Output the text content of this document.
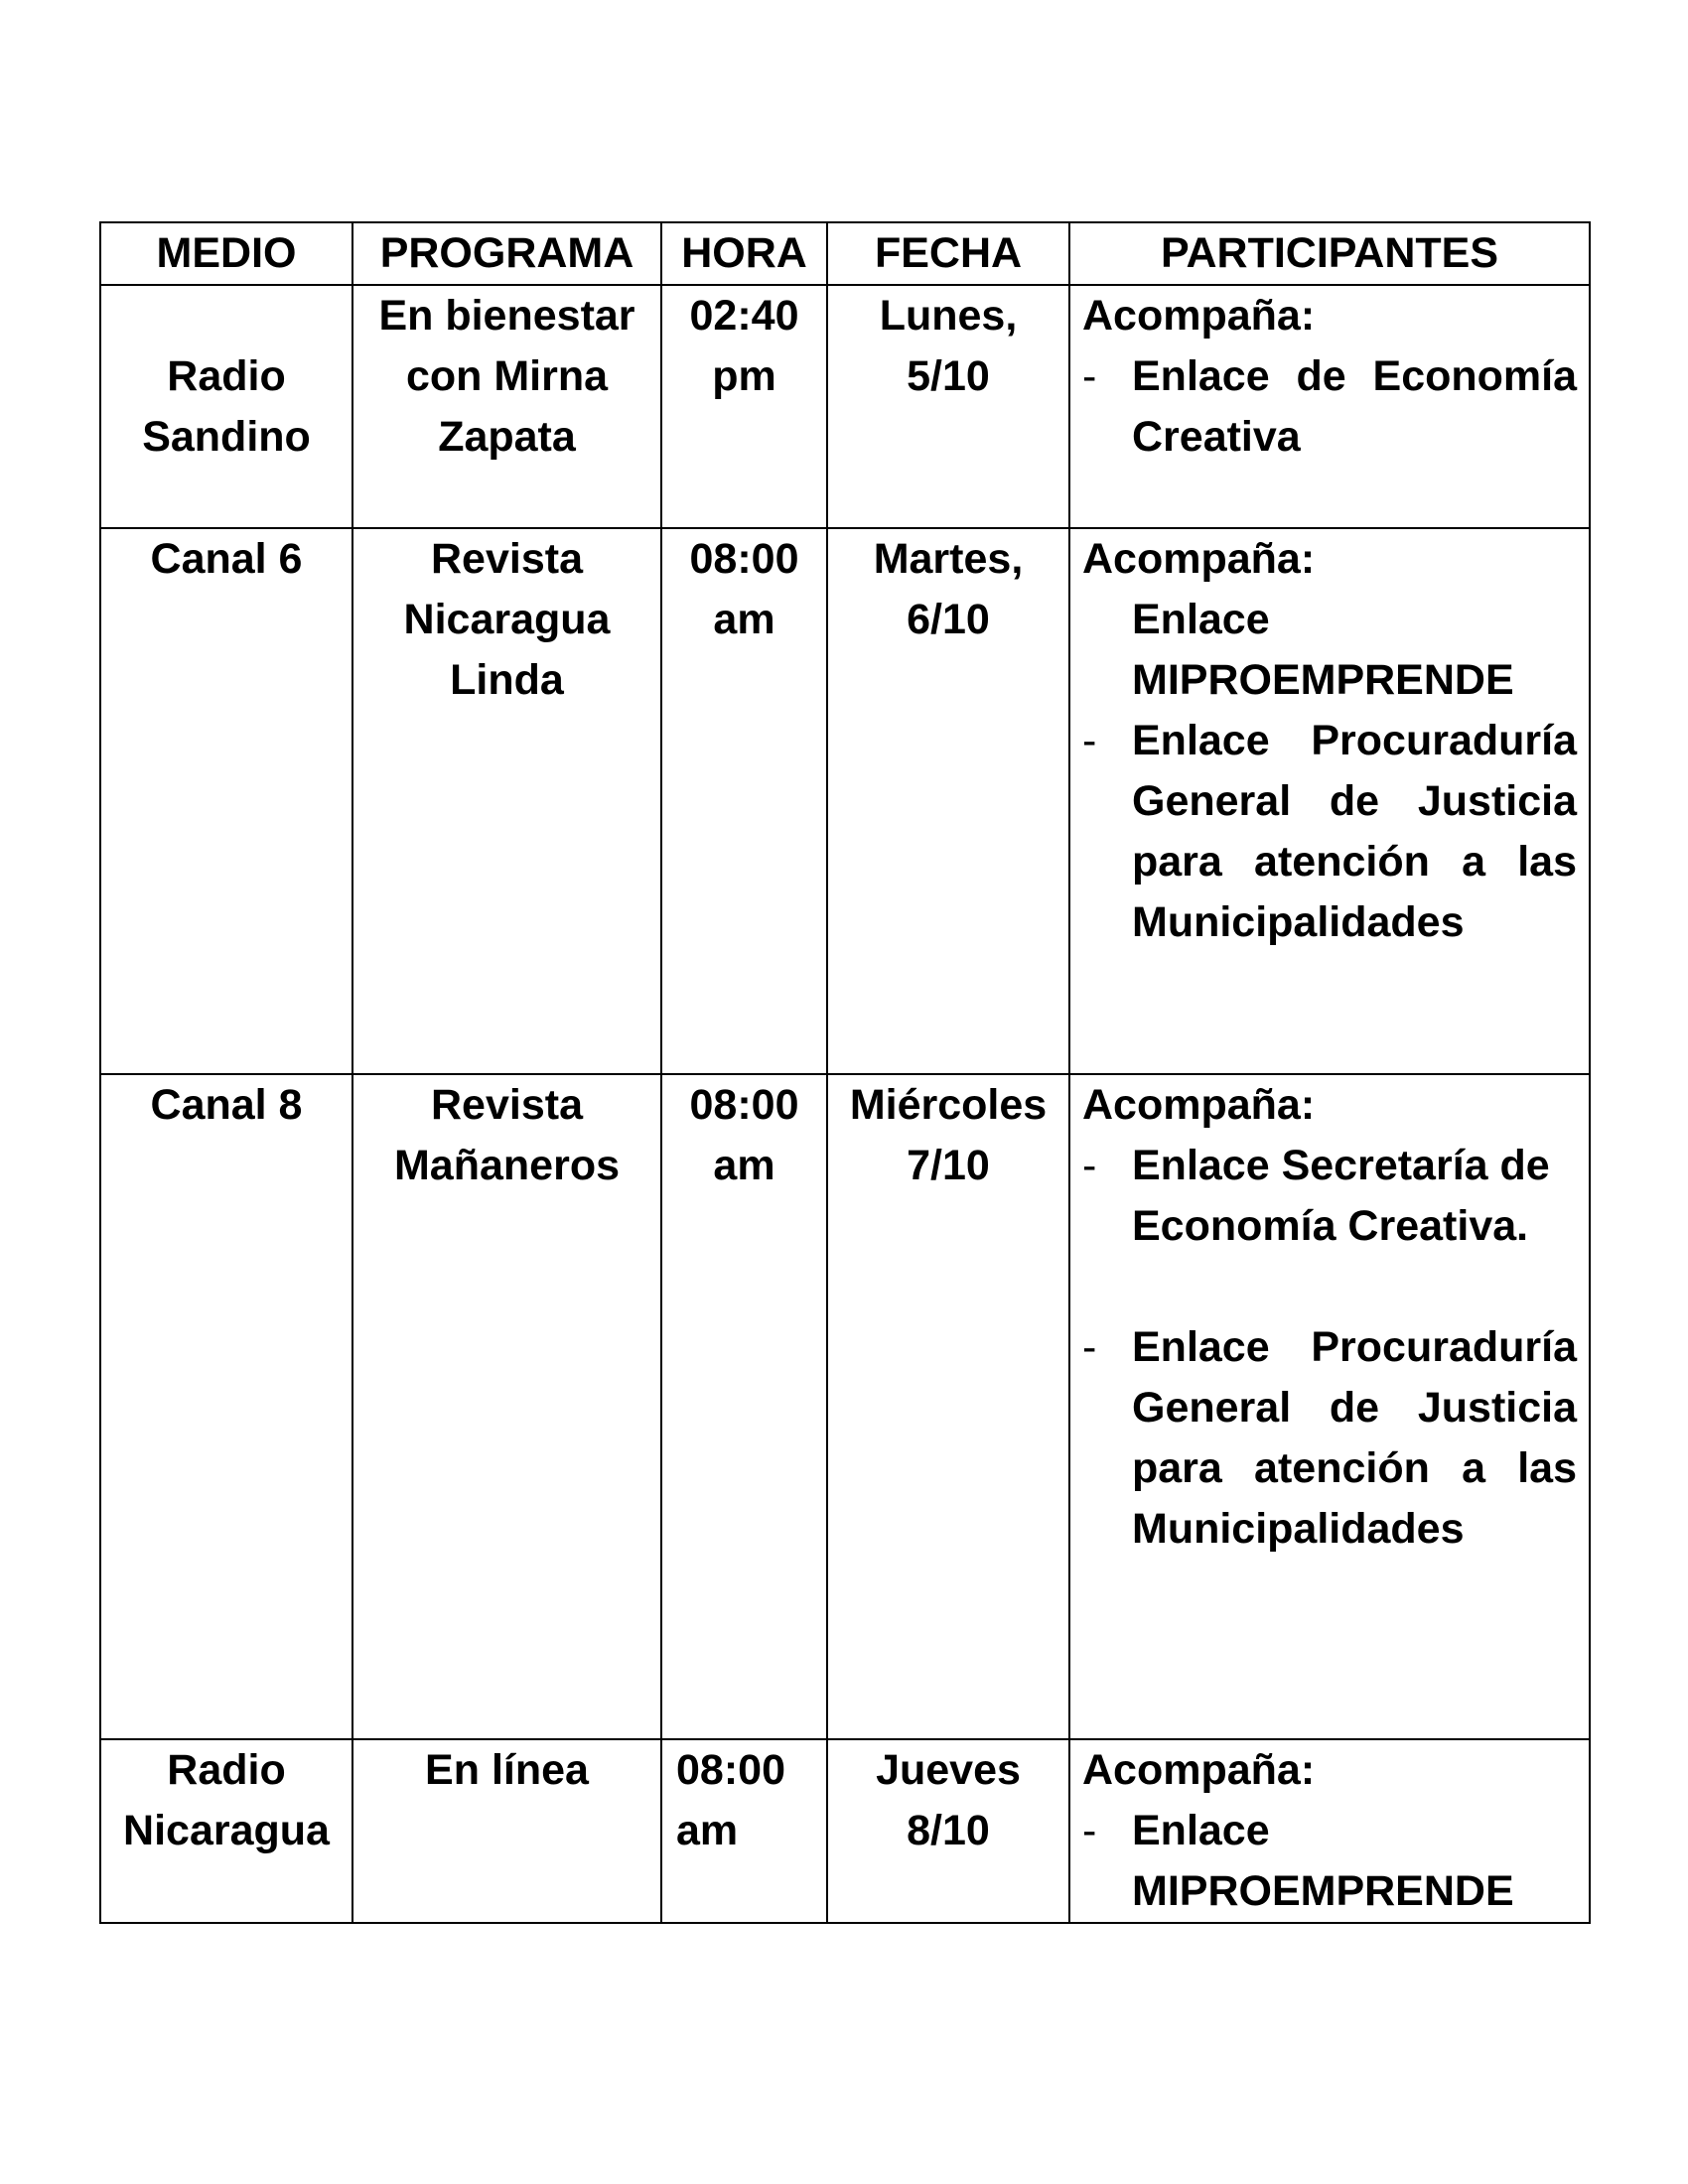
MEDIO	PROGRAMA	HORA	FECHA	PARTICIPANTES
Radio Sandino	En bienestar con Mirna Zapata	02:40 pm	Lunes, 5/10	Acompaña:
- Enlace de Economía Creativa

Canal 6	Revista Nicaragua Linda	08:00 am	Martes, 6/10	Acompaña:
Enlace MIPROEMPRENDE
- Enlace Procuraduría General de Justicia para atención a las Municipalidades

Canal 8	Revista Mañaneros	08:00 am	Miércoles 7/10	Acompaña:
- Enlace Secretaría de Economía Creativa.
- Enlace Procuraduría General de Justicia para atención a las Municipalidades

Radio Nicaragua	En línea	08:00 am	Jueves 8/10	Acompaña:
- Enlace MIPROEMPRENDE
